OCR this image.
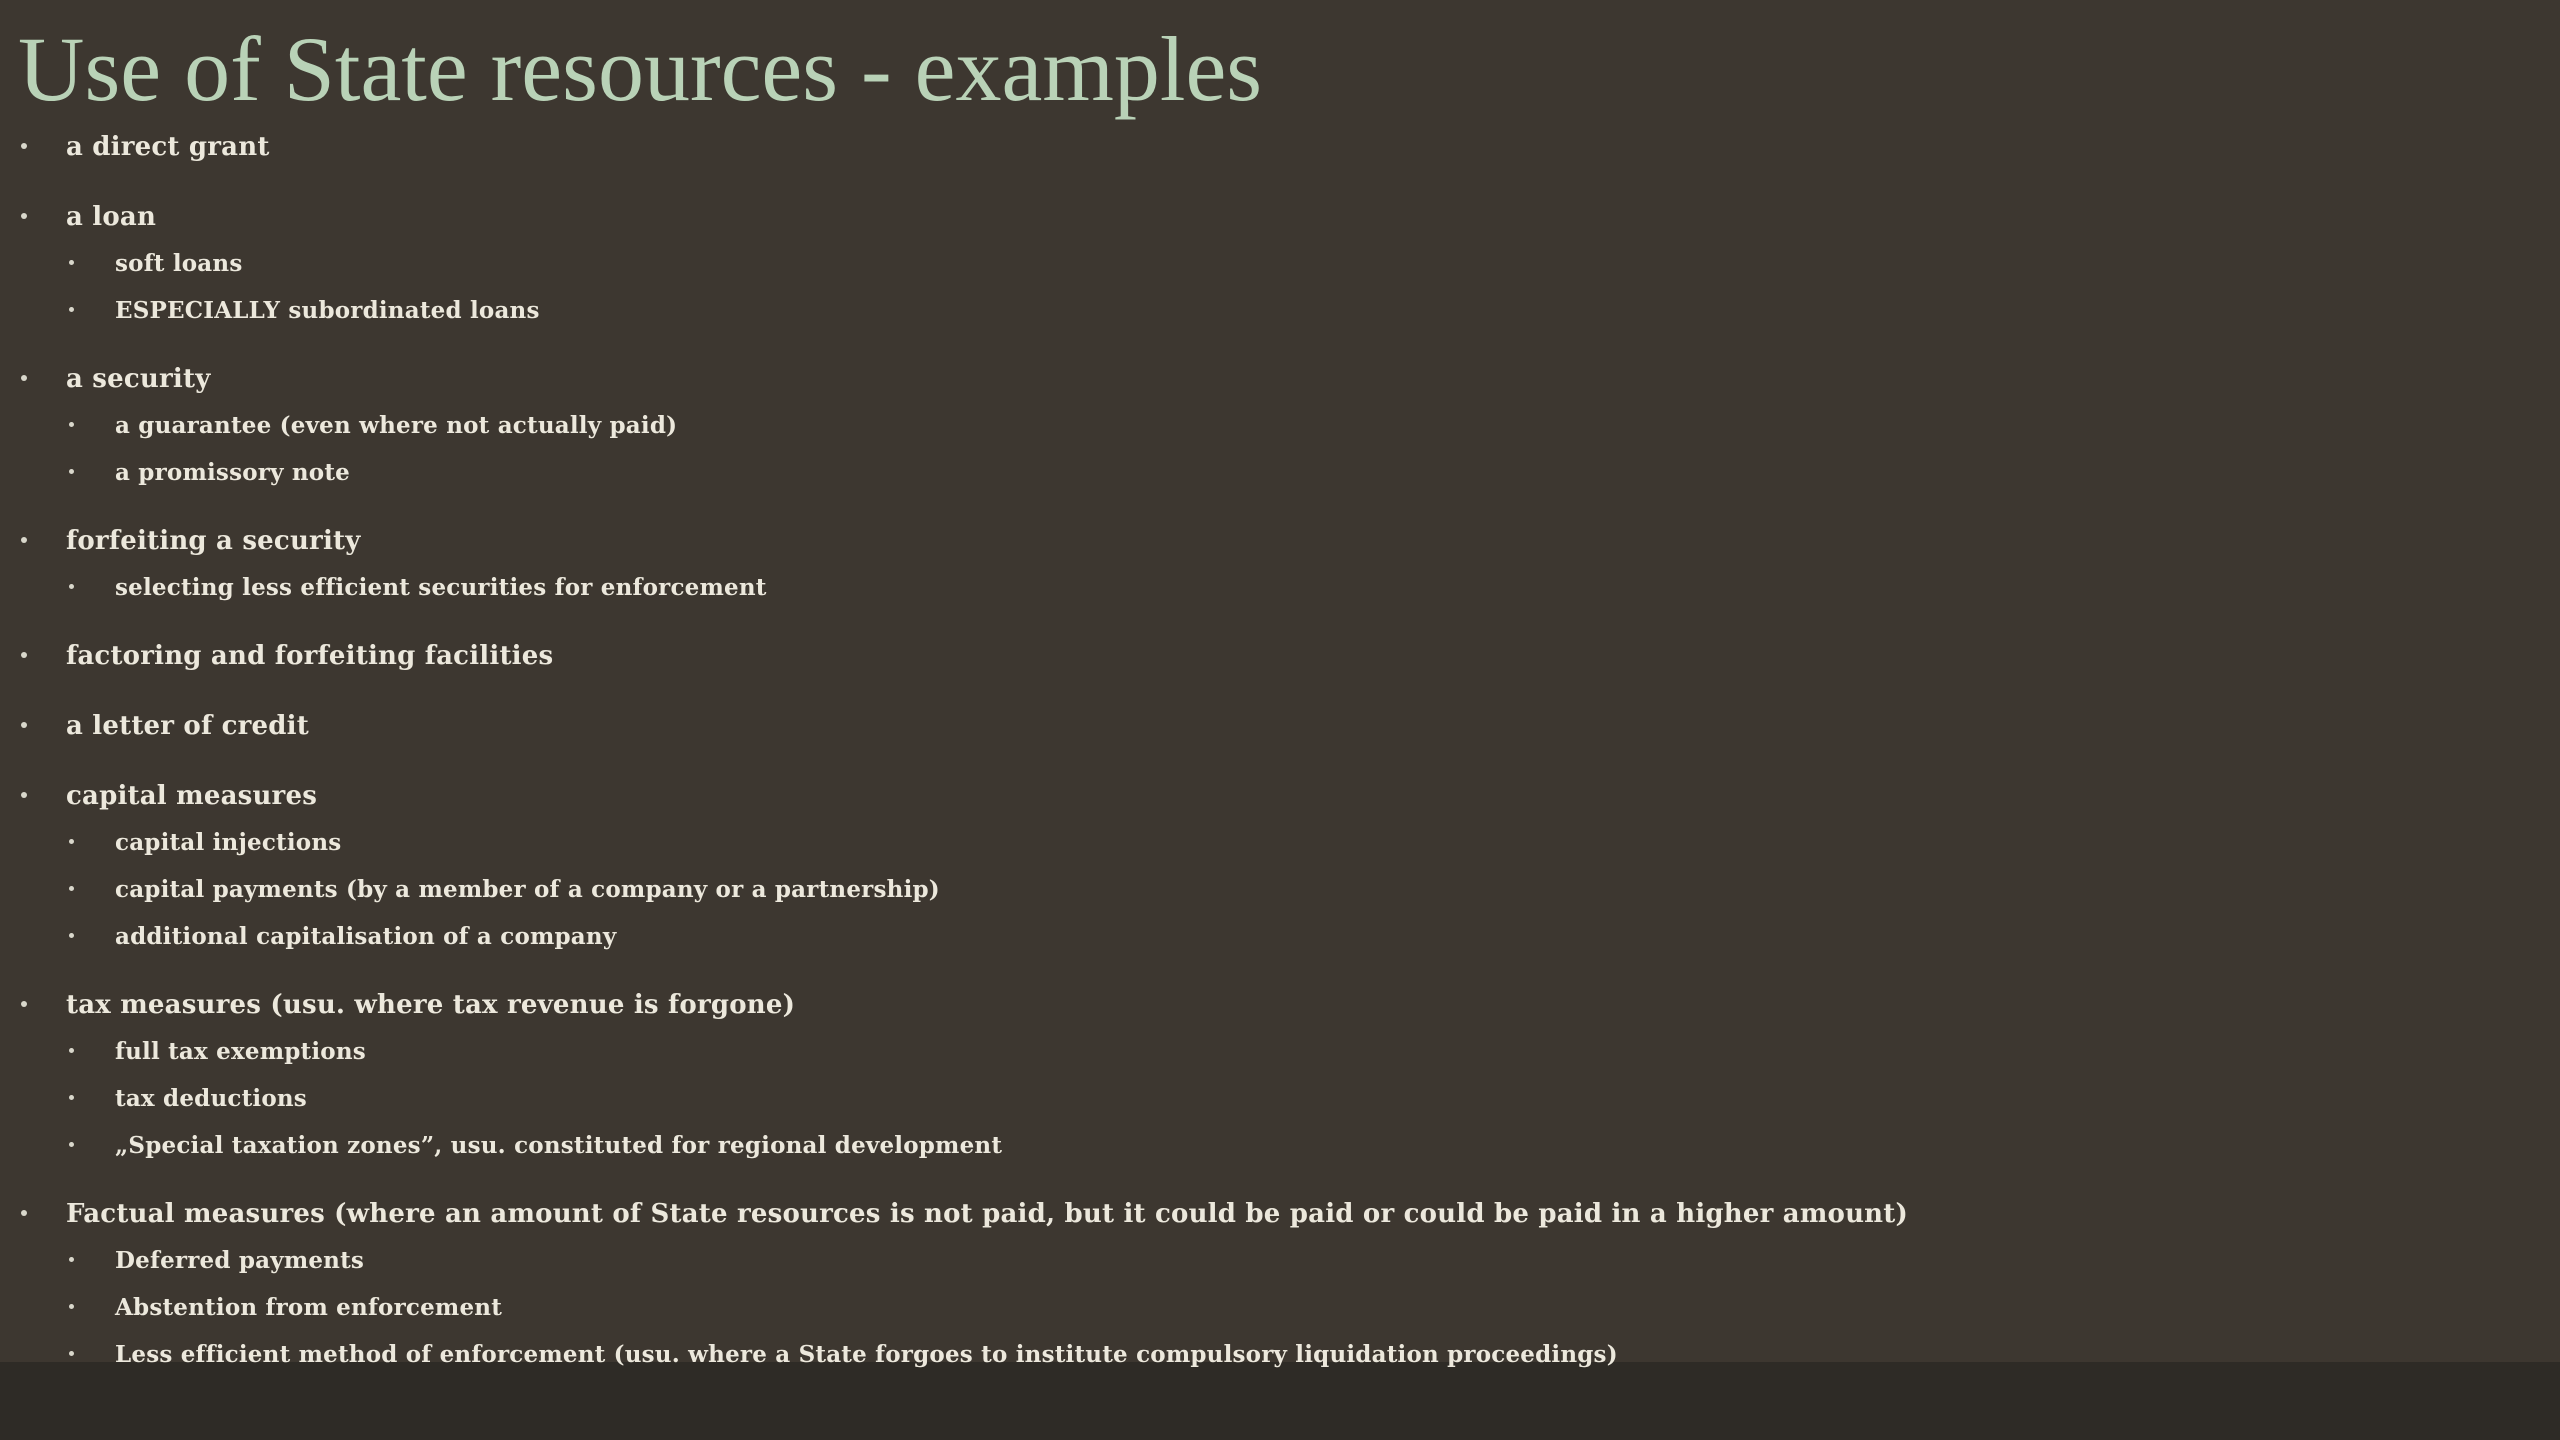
Use of State resources - examples
a direct grant
a loan
soft loans
ESPECIALLY subordinated loans
a security
a guarantee (even where not actually paid)
a promissory note
forfeiting a security
selecting less efficient securities for enforcement
factoring and forfeiting facilities
a letter of credit
capital measures
capital injections
capital payments (by a member of a company or a partnership)
additional capitalisation of a company
tax measures (usu. where tax revenue is forgone)
full tax exemptions
tax deductions
„Special taxation zones”, usu. constituted for regional development
Factual measures (where an amount of State resources is not paid, but it could be paid or could be paid in a higher amount)
Deferred payments
Abstention from enforcement
Less efficient method of enforcement (usu. where a State forgoes to institute compulsory liquidation proceedings)
